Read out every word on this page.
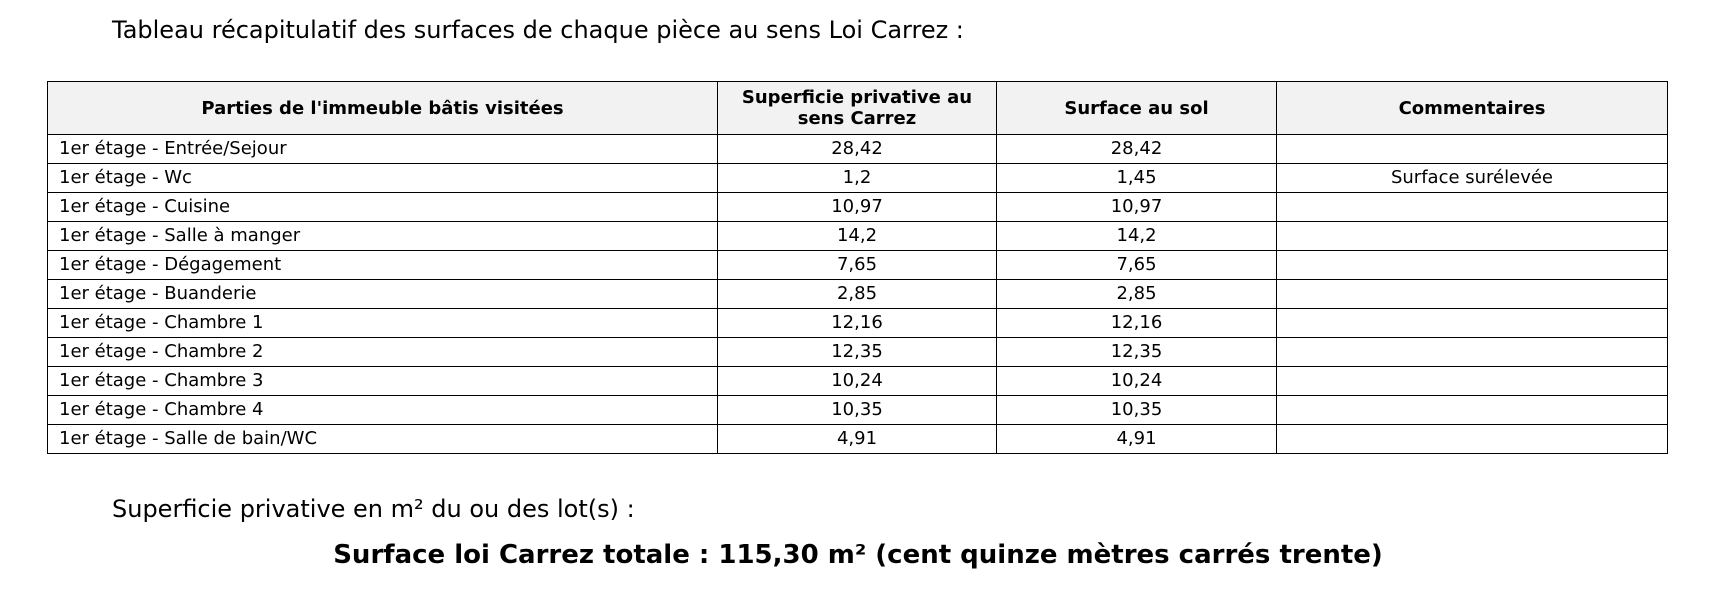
Tableau récapitulatif des surfaces de chaque pièce au sens Loi Carrez :
Parties de l'immeuble bâtis visitées	Superficie privative au sens Carrez	Surface au sol	Commentaires
1er étage - Entrée/Sejour	28,42	28,42	
1er étage - Wc	1,2	1,45	Surface surélevée
1er étage - Cuisine	10,97	10,97	
1er étage - Salle à manger	14,2	14,2	
1er étage - Dégagement	7,65	7,65	
1er étage - Buanderie	2,85	2,85	
1er étage - Chambre 1	12,16	12,16	
1er étage - Chambre 2	12,35	12,35	
1er étage - Chambre 3	10,24	10,24	
1er étage - Chambre 4	10,35	10,35	
1er étage - Salle de bain/WC	4,91	4,91	
Superficie privative en m² du ou des lot(s) :
Surface loi Carrez totale : 115,30 m² (cent quinze mètres carrés trente)
